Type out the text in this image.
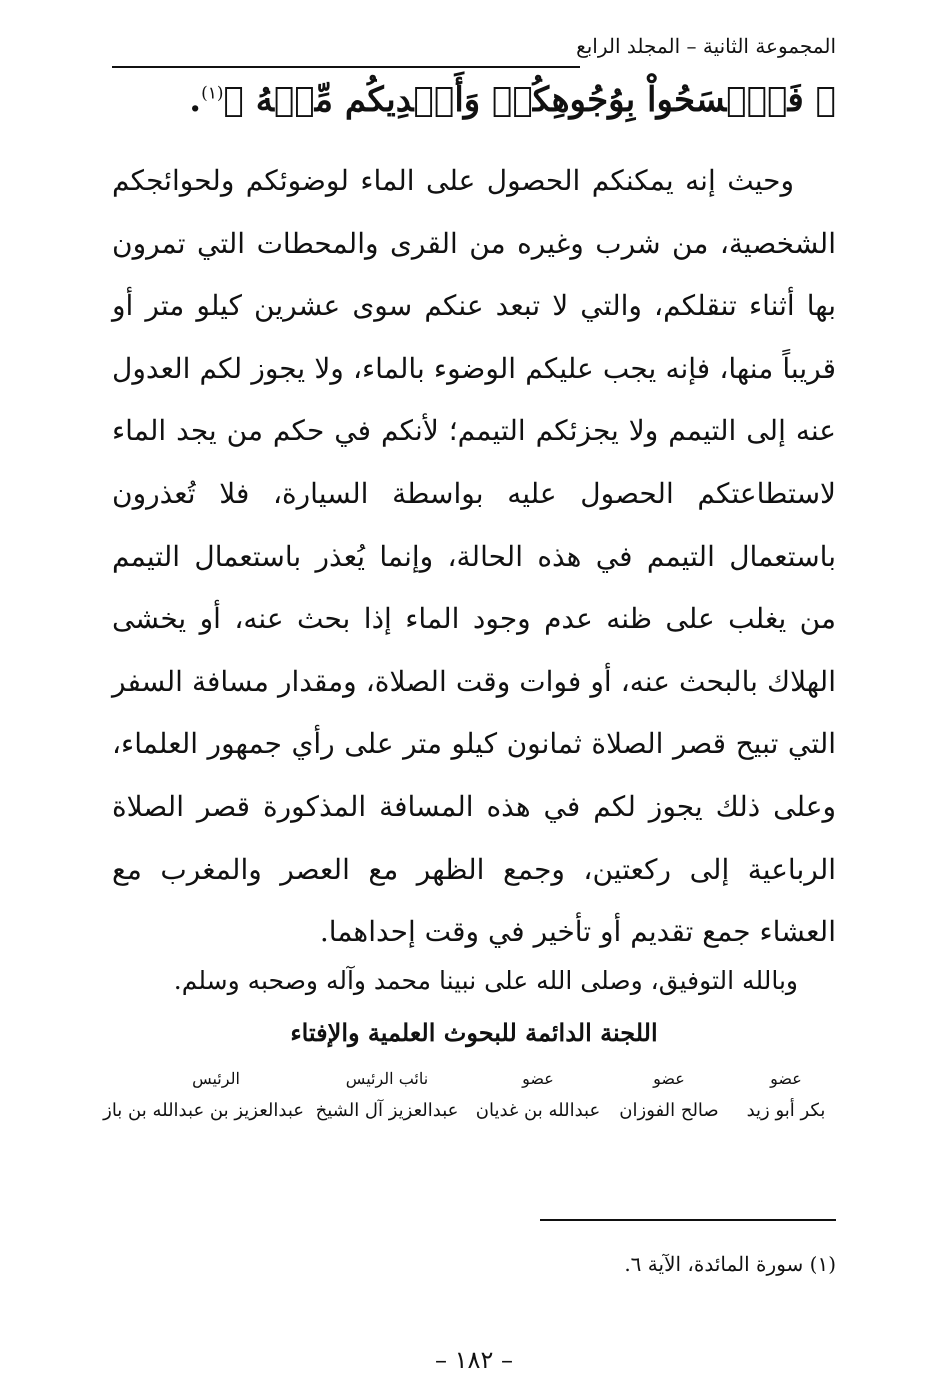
المجموعة الثانية – المجلد الرابع
﴿ فَٱمۡسَحُواْ بِوُجُوهِكُمۡ وَأَيۡدِيكُم مِّنۡهُ ﴾$^{(١)}$.

وحيث إنه يمكنكم الحصول على الماء لوضوئكم ولحوائجكم الشخصية، من شرب وغيره من القرى والمحطات التي تمرون بها أثناء تنقلكم، والتي لا تبعد عنكم سوى عشرين كيلو متر أو قريباً منها، فإنه يجب عليكم الوضوء بالماء، ولا يجوز لكم العدول عنه إلى التيمم ولا يجزئكم التيمم؛ لأنكم في حكم من يجد الماء لاستطاعتكم الحصول عليه بواسطة السيارة، فلا تُعذرون باستعمال التيمم في هذه الحالة، وإنما يُعذر باستعمال التيمم من يغلب على ظنه عدم وجود الماء إذا بحث عنه، أو يخشى الهلاك بالبحث عنه، أو فوات وقت الصلاة، ومقدار مسافة السفر التي تبيح قصر الصلاة ثمانون كيلو متر على رأي جمهور العلماء، وعلى ذلك يجوز لكم في هذه المسافة المذكورة قصر الصلاة الرباعية إلى ركعتين، وجمع الظهر مع العصر والمغرب مع العشاء جمع تقديم أو تأخير في وقت إحداهما.

وبالله التوفيق، وصلى الله على نبينا محمد وآله وصحبه وسلم.
اللجنة الدائمة للبحوث العلمية والإفتاء
عضو
بكر أبو زيد
عضو
صالح الفوزان
عضو
عبدالله بن غديان
نائب الرئيس
عبدالعزيز آل الشيخ
الرئيس
عبدالعزيز بن عبدالله بن باز
(١) سورة المائدة، الآية ٦.
– ١٨٢ –
